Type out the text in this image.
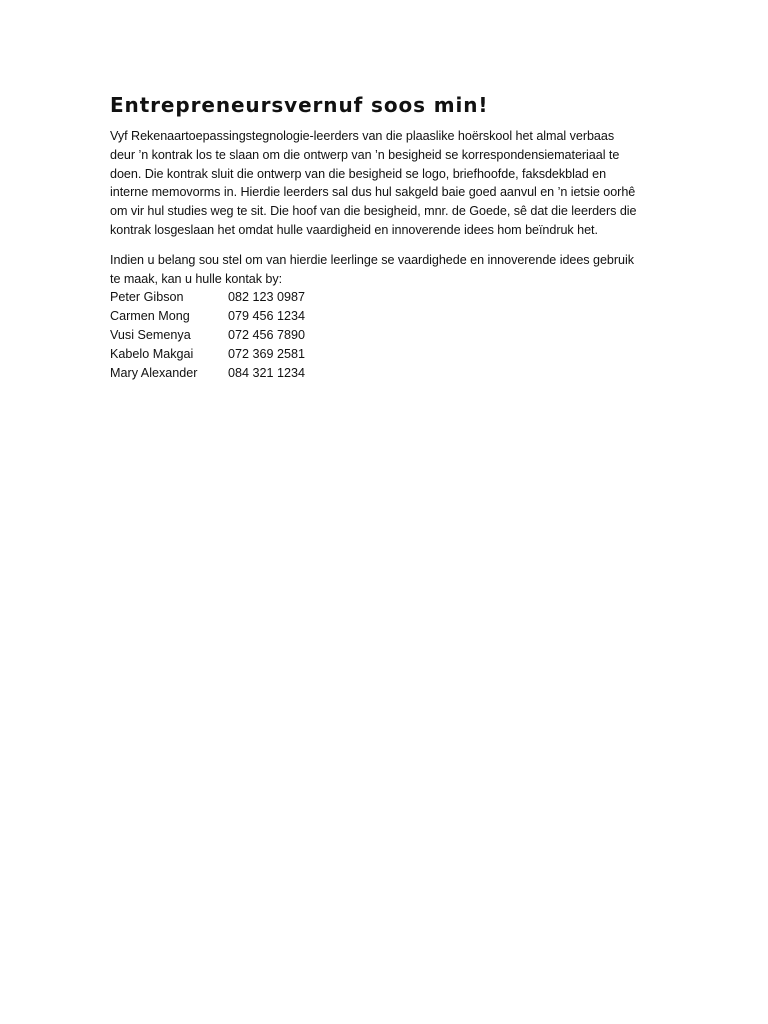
Entrepreneursvernuf soos min!
Vyf Rekenaartoepassingstegnologie-leerders van die plaaslike hoërskool het almal verbaas
deur ’n kontrak los te slaan om die ontwerp van ’n besigheid se korrespondensiemateriaal te
doen. Die kontrak sluit die ontwerp van die besigheid se logo, briefhoofde, faksdekblad en
interne memovorms in. Hierdie leerders sal dus hul sakgeld baie goed aanvul en ’n ietsie oorhê
om vir hul studies weg te sit. Die hoof van die besigheid, mnr. de Goede, sê dat die leerders die
kontrak losgeslaan het omdat hulle vaardigheid en innoverende idees hom beïndruk het.
Indien u belang sou stel om van hierdie leerlinge se vaardighede en innoverende idees gebruik
te maak, kan u hulle kontak by:
Peter Gibson	082 123 0987
Carmen Mong	079 456 1234
Vusi Semenya	072 456 7890
Kabelo Makgai	072 369 2581
Mary Alexander	084 321 1234
